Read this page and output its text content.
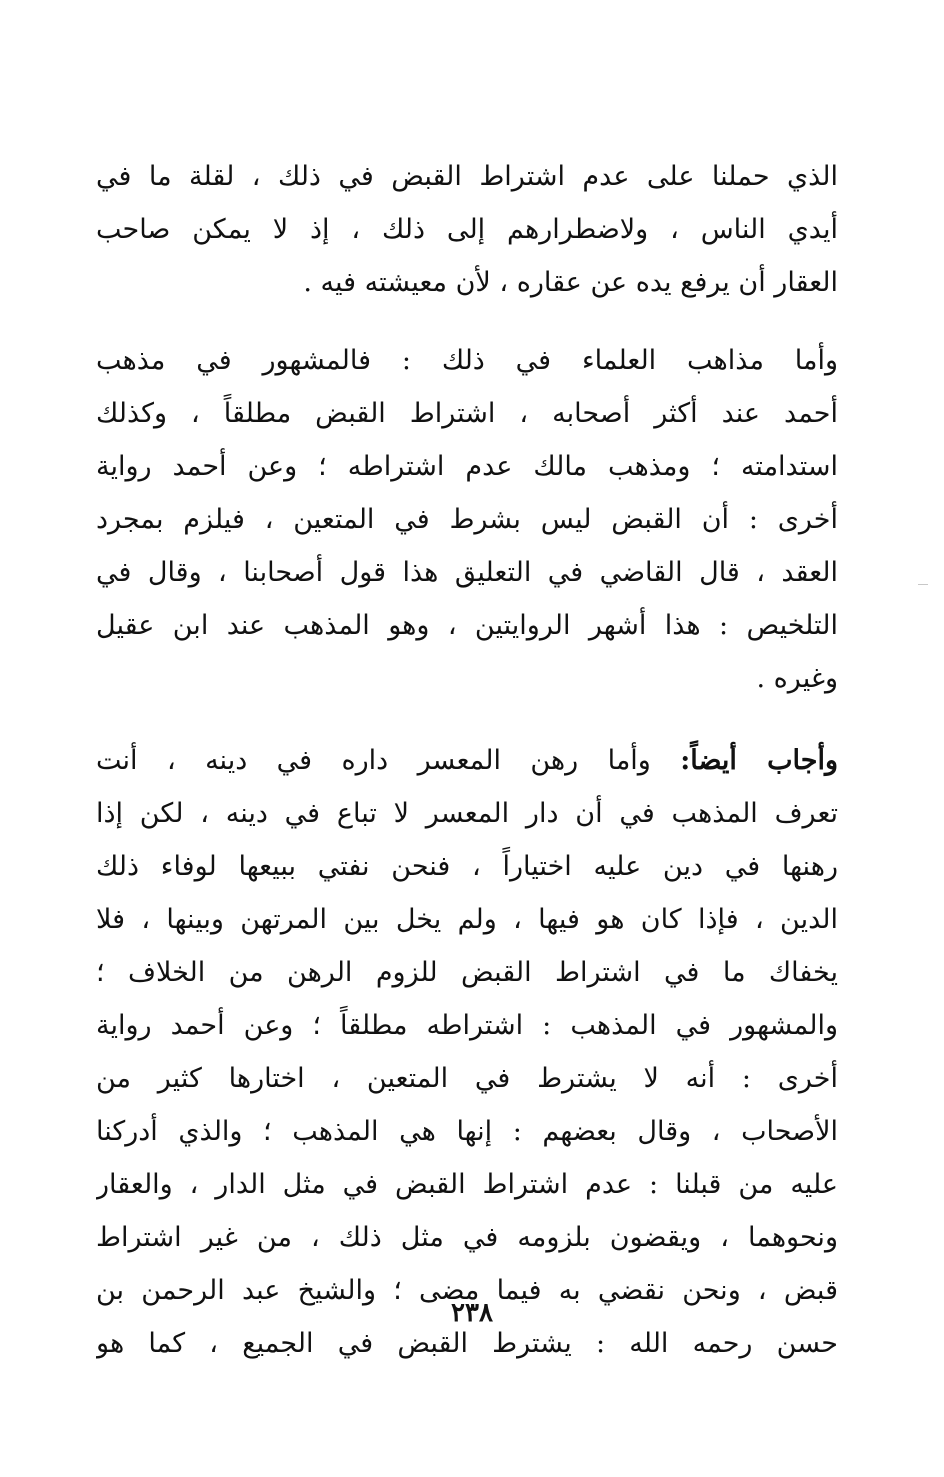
الذي حملنا على عدم اشتراط القبض في ذلك ، لقلة ما في
أيدي الناس ، ولاضطرارهم إلى ذلك ، إذ لا يمكن صاحب
العقار أن يرفع يده عن عقاره ، لأن معيشته فيه .
وأما مذاهب العلماء في ذلك : فالمشهور في مذهب
أحمد عند أكثر أصحابه ، اشتراط القبض مطلقاً ، وكذلك
استدامته ؛ ومذهب مالك عدم اشتراطه ؛ وعن أحمد رواية
أخرى : أن القبض ليس بشرط في المتعين ، فيلزم بمجرد
العقد ، قال القاضي في التعليق هذا قول أصحابنا ، وقال في
التلخيص : هذا أشهر الروايتين ، وهو المذهب عند ابن عقيل
وغيره .
وأجاب أيضاً: وأما رهن المعسر داره في دينه ، أنت
تعرف المذهب في أن دار المعسر لا تباع في دينه ، لكن إذا
رهنها في دين عليه اختياراً ، فنحن نفتي ببيعها لوفاء ذلك
الدين ، فإذا كان هو فيها ، ولم يخل بين المرتهن وبينها ، فلا
يخفاك ما في اشتراط القبض للزوم الرهن من الخلاف ؛
والمشهور في المذهب : اشتراطه مطلقاً ؛ وعن أحمد رواية
أخرى : أنه لا يشترط في المتعين ، اختارها كثير من
الأصحاب ، وقال بعضهم : إنها هي المذهب ؛ والذي أدركنا
عليه من قبلنا : عدم اشتراط القبض في مثل الدار ، والعقار
ونحوهما ، ويقضون بلزومه في مثل ذلك ، من غير اشتراط
قبض ، ونحن نقضي به فيما مضى ؛ والشيخ عبد الرحمن بن
حسن رحمه الله : يشترط القبض في الجميع ، كما هو
٢٣٨
